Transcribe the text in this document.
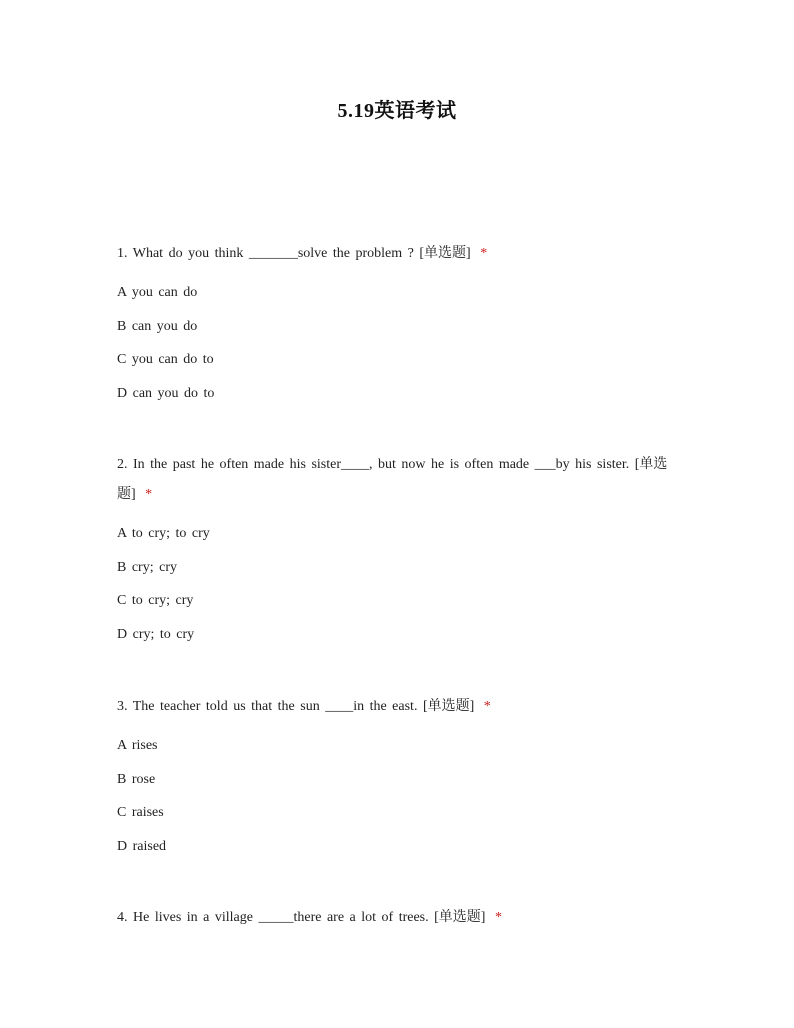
5.19英语考试
1. What do you think _______solve the problem ? [单选题] *
A you can do
B can you do
C you can do to
D can you do to
2. In the past he often made his sister____, but now he is often made ___by his sister. [单选题] *
A to cry; to cry
B cry; cry
C to cry; cry
D cry; to cry
3. The teacher told us that the sun ____in the east. [单选题] *
A rises
B rose
C raises
D raised
4. He lives in a village _____there are a lot of trees. [单选题] *
